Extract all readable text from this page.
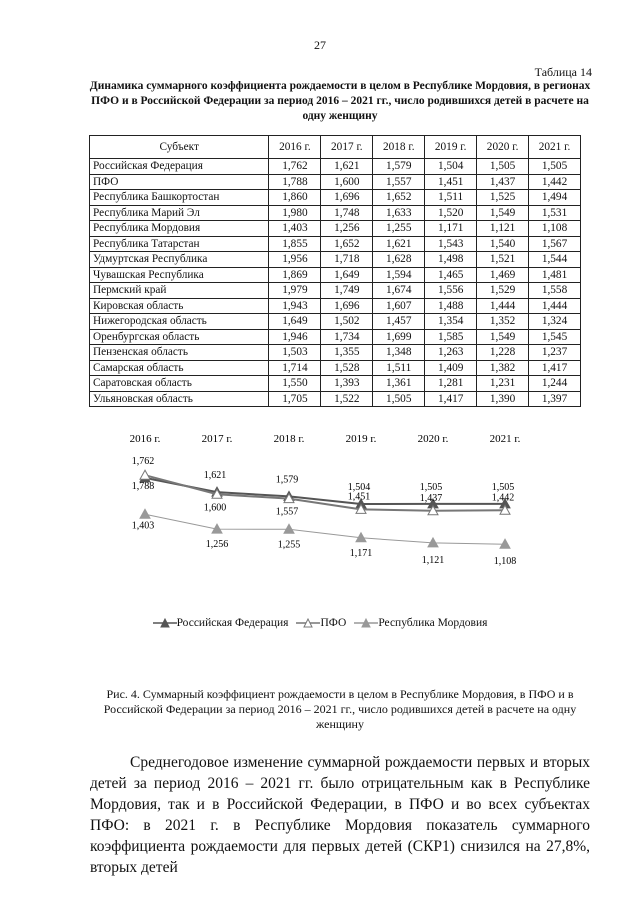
27
Таблица 14
Динамика суммарного коэффициента рождаемости в целом в Республике Мордовия, в регионах ПФО и в Российской Федерации за период 2016 – 2021 гг., число родившихся детей в расчете на одну женщину
Субъект	2016 г.	2017 г.	2018 г.	2019 г.	2020 г.	2021 г.
Российская Федерация	1,762	1,621	1,579	1,504	1,505	1,505
ПФО	1,788	1,600	1,557	1,451	1,437	1,442
Республика Башкортостан	1,860	1,696	1,652	1,511	1,525	1,494
Республика Марий Эл	1,980	1,748	1,633	1,520	1,549	1,531
Республика Мордовия	1,403	1,256	1,255	1,171	1,121	1,108
Республика Татарстан	1,855	1,652	1,621	1,543	1,540	1,567
Удмуртская Республика	1,956	1,718	1,628	1,498	1,521	1,544
Чувашская Республика	1,869	1,649	1,594	1,465	1,469	1,481
Пермский край	1,979	1,749	1,674	1,556	1,529	1,558
Кировская область	1,943	1,696	1,607	1,488	1,444	1,444
Нижегородская область	1,649	1,502	1,457	1,354	1,352	1,324
Оренбургская область	1,946	1,734	1,699	1,585	1,549	1,545
Пензенская область	1,503	1,355	1,348	1,263	1,228	1,237
Самарская область	1,714	1,528	1,511	1,409	1,382	1,417
Саратовская область	1,550	1,393	1,361	1,281	1,231	1,244
Ульяновская область	1,705	1,522	1,505	1,417	1,390	1,397
2016 г.	2017 г.	2018 г.	2019 г.	2020 г.	2021 г.
1,762
1,621	1,579
1,504	1,505	1,505
1,788
1,600	1,557
1,451	1,437	1,442
1,403
1,256	1,255
1,171
1,121	1,108
Российская Федерация	ПФО	Республика Мордовия
Рис. 4. Суммарный коэффициент рождаемости в целом в Республике Мордовия, в ПФО и в Российской Федерации за период 2016 – 2021 гг., число родившихся детей в расчете на одну женщину

Среднегодовое изменение суммарной рождаемости первых и вторых детей за период 2016 – 2021 гг. было отрицательным как в Республике Мордовия, так и в Российской Федерации, в ПФО и во всех субъектах ПФО: в 2021 г. в Республике Мордовия показатель суммарного коэффициента рождаемости для первых детей (СКР1) снизился на 27,8%, вторых детей
